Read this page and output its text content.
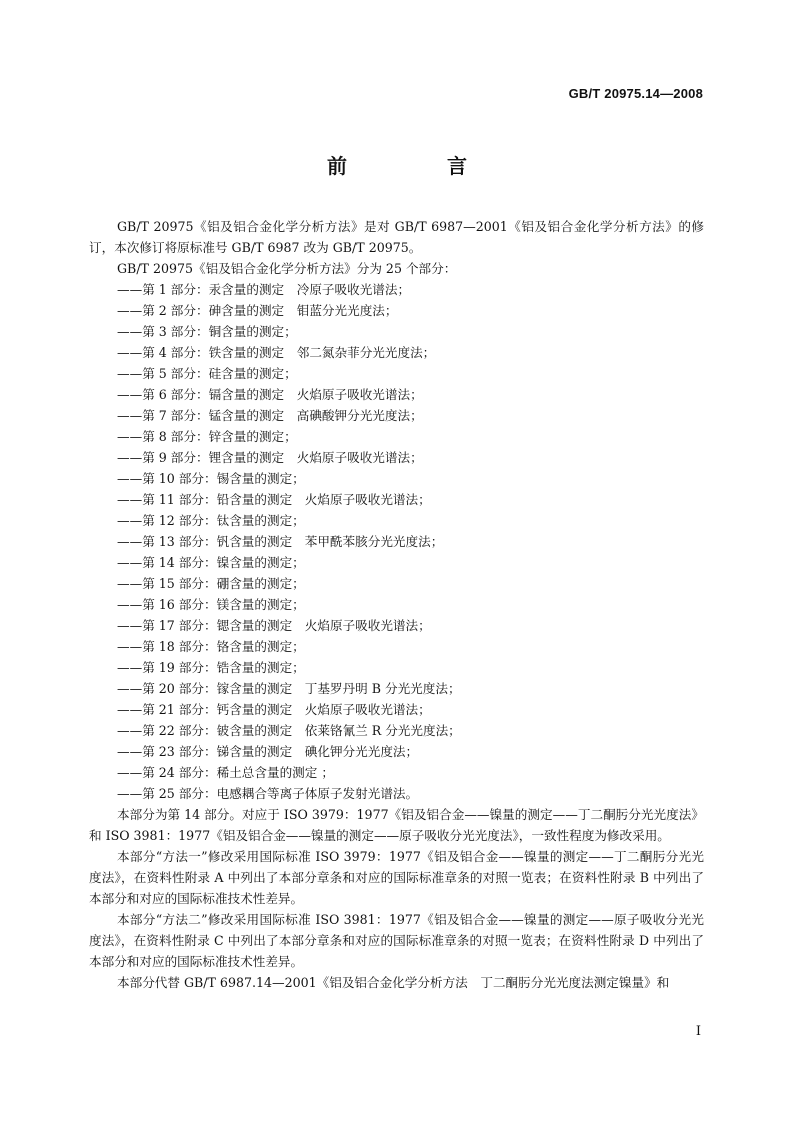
GB/T 20975.14—2008
前　言

GB/T 20975《铝及铝合金化学分析方法》是对 GB/T 6987—2001《铝及铝合金化学分析方法》的修订，本次修订将原标准号 GB/T 6987 改为 GB/T 20975。

GB/T 20975《铝及铝合金化学分析方法》分为 25 个部分：

——第 1 部分：汞含量的测定　冷原子吸收光谱法；
——第 2 部分：砷含量的测定　钼蓝分光光度法；
——第 3 部分：铜含量的测定；
——第 4 部分：铁含量的测定　邻二氮杂菲分光光度法；
——第 5 部分：硅含量的测定；
——第 6 部分：镉含量的测定　火焰原子吸收光谱法；
——第 7 部分：锰含量的测定　高碘酸钾分光光度法；
——第 8 部分：锌含量的测定；
——第 9 部分：锂含量的测定　火焰原子吸收光谱法；
——第 10 部分：锡含量的测定；
——第 11 部分：铅含量的测定　火焰原子吸收光谱法；
——第 12 部分：钛含量的测定；
——第 13 部分：钒含量的测定　苯甲酰苯胲分光光度法；
——第 14 部分：镍含量的测定；
——第 15 部分：硼含量的测定；
——第 16 部分：镁含量的测定；
——第 17 部分：锶含量的测定　火焰原子吸收光谱法；
——第 18 部分：铬含量的测定；
——第 19 部分：锆含量的测定；
——第 20 部分：镓含量的测定　丁基罗丹明 B 分光光度法；
——第 21 部分：钙含量的测定　火焰原子吸收光谱法；
——第 22 部分：铍含量的测定　依莱铬氰兰 R 分光光度法；
——第 23 部分：锑含量的测定　碘化钾分光光度法；
——第 24 部分：稀土总含量的测定 ；
——第 25 部分：电感耦合等离子体原子发射光谱法。

本部分为第 14 部分。对应于 ISO 3979：1977《铝及铝合金——镍量的测定——丁二酮肟分光光度法》和 ISO 3981：1977《铝及铝合金——镍量的测定——原子吸收分光光度法》，一致性程度为修改采用。

本部分“方法一”修改采用国际标准 ISO 3979：1977《铝及铝合金——镍量的测定——丁二酮肟分光光度法》，在资料性附录 A 中列出了本部分章条和对应的国际标准章条的对照一览表；在资料性附录 B 中列出了本部分和对应的国际标准技术性差异。

本部分“方法二”修改采用国际标准 ISO 3981：1977《铝及铝合金——镍量的测定——原子吸收分光光度法》，在资料性附录 C 中列出了本部分章条和对应的国际标准章条的对照一览表；在资料性附录 D 中列出了本部分和对应的国际标准技术性差异。

本部分代替 GB/T 6987.14—2001《铝及铝合金化学分析方法　丁二酮肟分光光度法测定镍量》和

I
